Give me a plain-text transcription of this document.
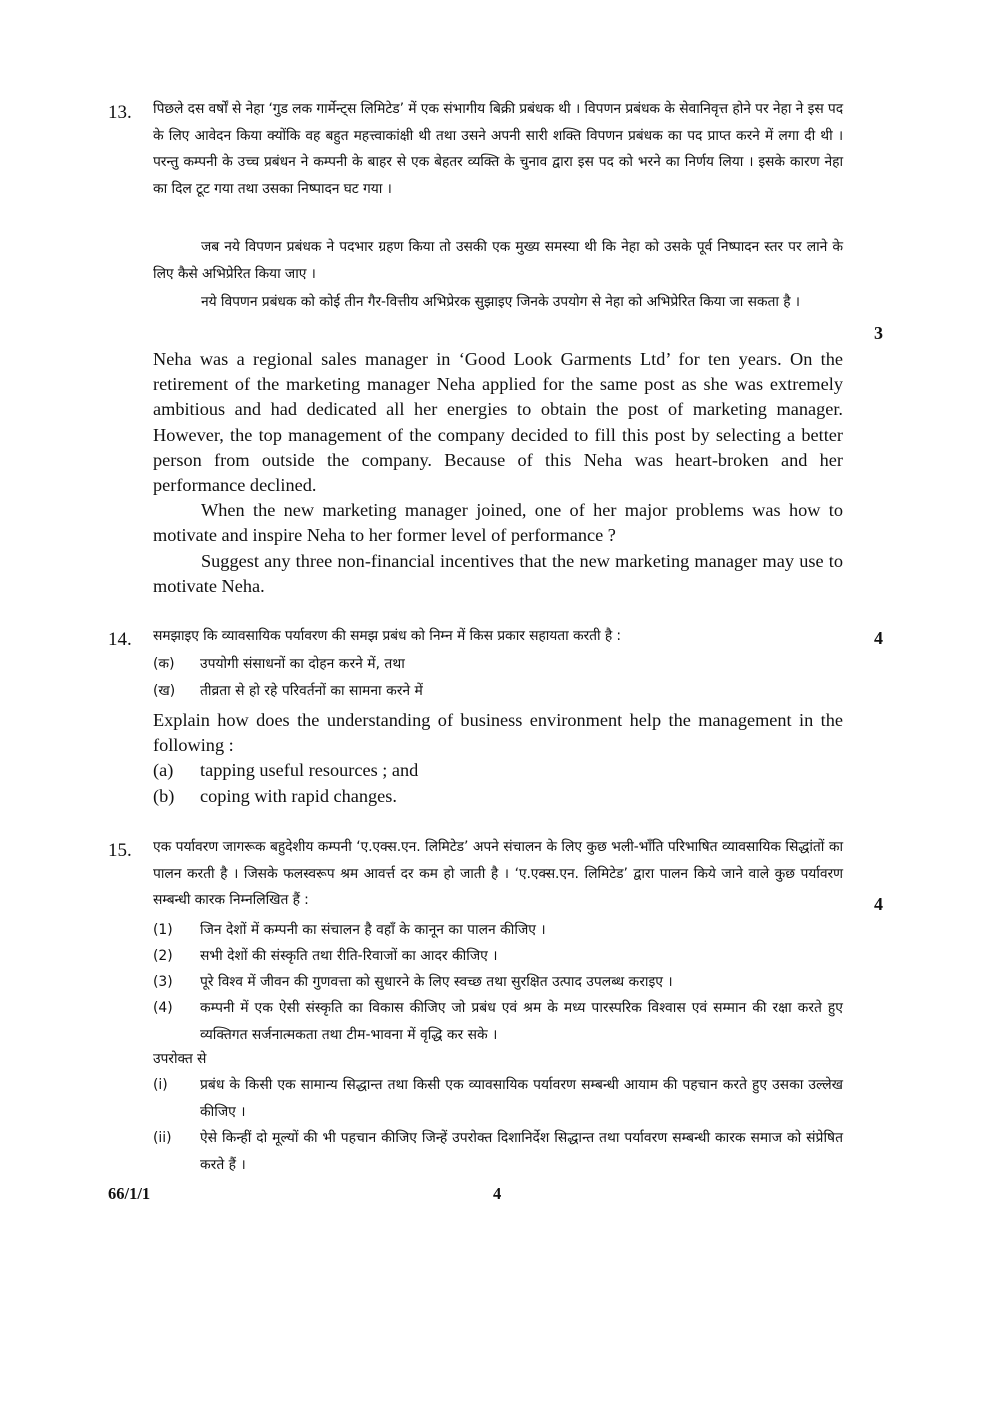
13. पिछले दस वर्षों से नेहा ‘गुड लक गार्मेन्ट्स लिमिटेड’ में एक संभागीय बिक्री प्रबंधक थी । विपणन प्रबंधक के सेवानिवृत्त होने पर नेहा ने इस पद के लिए आवेदन किया क्योंकि वह बहुत महत्त्वाकांक्षी थी तथा उसने अपनी सारी शक्ति विपणन प्रबंधक का पद प्राप्त करने में लगा दी थी । परन्तु कम्पनी के उच्च प्रबंधन ने कम्पनी के बाहर से एक बेहतर व्यक्ति के चुनाव द्वारा इस पद को भरने का निर्णय लिया । इसके कारण नेहा का दिल टूट गया तथा उसका निष्पादन घट गया ।
जब नये विपणन प्रबंधक ने पदभार ग्रहण किया तो उसकी एक मुख्य समस्या थी कि नेहा को उसके पूर्व निष्पादन स्तर पर लाने के लिए कैसे अभिप्रेरित किया जाए ।
नये विपणन प्रबंधक को कोई तीन गैर-वित्तीय अभिप्रेरक सुझाइए जिनके उपयोग से नेहा को अभिप्रेरित किया जा सकता है ।
3
Neha was a regional sales manager in ‘Good Look Garments Ltd’ for ten years. On the retirement of the marketing manager Neha applied for the same post as she was extremely ambitious and had dedicated all her energies to obtain the post of marketing manager. However, the top management of the company decided to fill this post by selecting a better person from outside the company. Because of this Neha was heart-broken and her performance declined.
When the new marketing manager joined, one of her major problems was how to motivate and inspire Neha to her former level of performance ?
Suggest any three non-financial incentives that the new marketing manager may use to motivate Neha.
14. समझाइए कि व्यावसायिक पर्यावरण की समझ प्रबंध को निम्न में किस प्रकार सहायता करती है :	4
(क) उपयोगी संसाधनों का दोहन करने में, तथा
(ख) तीव्रता से हो रहे परिवर्तनों का सामना करने में
Explain how does the understanding of business environment help the management in the following :
(a) tapping useful resources ; and
(b) coping with rapid changes.
15. एक पर्यावरण जागरूक बहुदेशीय कम्पनी ‘ए.एक्स.एन. लिमिटेड’ अपने संचालन के लिए कुछ भली-भाँति परिभाषित व्यावसायिक सिद्धांतों का पालन करती है । जिसके फलस्वरूप श्रम आवर्त्त दर कम हो जाती है । ‘ए.एक्स.एन. लिमिटेड’ द्वारा पालन किये जाने वाले कुछ पर्यावरण सम्बन्धी कारक निम्नलिखित हैं :	4
(1) जिन देशों में कम्पनी का संचालन है वहाँ के कानून का पालन कीजिए ।
(2) सभी देशों की संस्कृति तथा रीति-रिवाजों का आदर कीजिए ।
(3) पूरे विश्व में जीवन की गुणवत्ता को सुधारने के लिए स्वच्छ तथा सुरक्षित उत्पाद उपलब्ध कराइए ।
(4) कम्पनी में एक ऐसी संस्कृति का विकास कीजिए जो प्रबंध एवं श्रम के मध्य पारस्परिक विश्वास एवं सम्मान की रक्षा करते हुए व्यक्तिगत सर्जनात्मकता तथा टीम-भावना में वृद्धि कर सके ।
उपरोक्त से
(i) प्रबंध के किसी एक सामान्य सिद्धान्त तथा किसी एक व्यावसायिक पर्यावरण सम्बन्धी आयाम की पहचान करते हुए उसका उल्लेख कीजिए ।
(ii) ऐसे किन्हीं दो मूल्यों की भी पहचान कीजिए जिन्हें उपरोक्त दिशानिर्देश सिद्धान्त तथा पर्यावरण सम्बन्धी कारक समाज को संप्रेषित करते हैं ।
66/1/1	4
